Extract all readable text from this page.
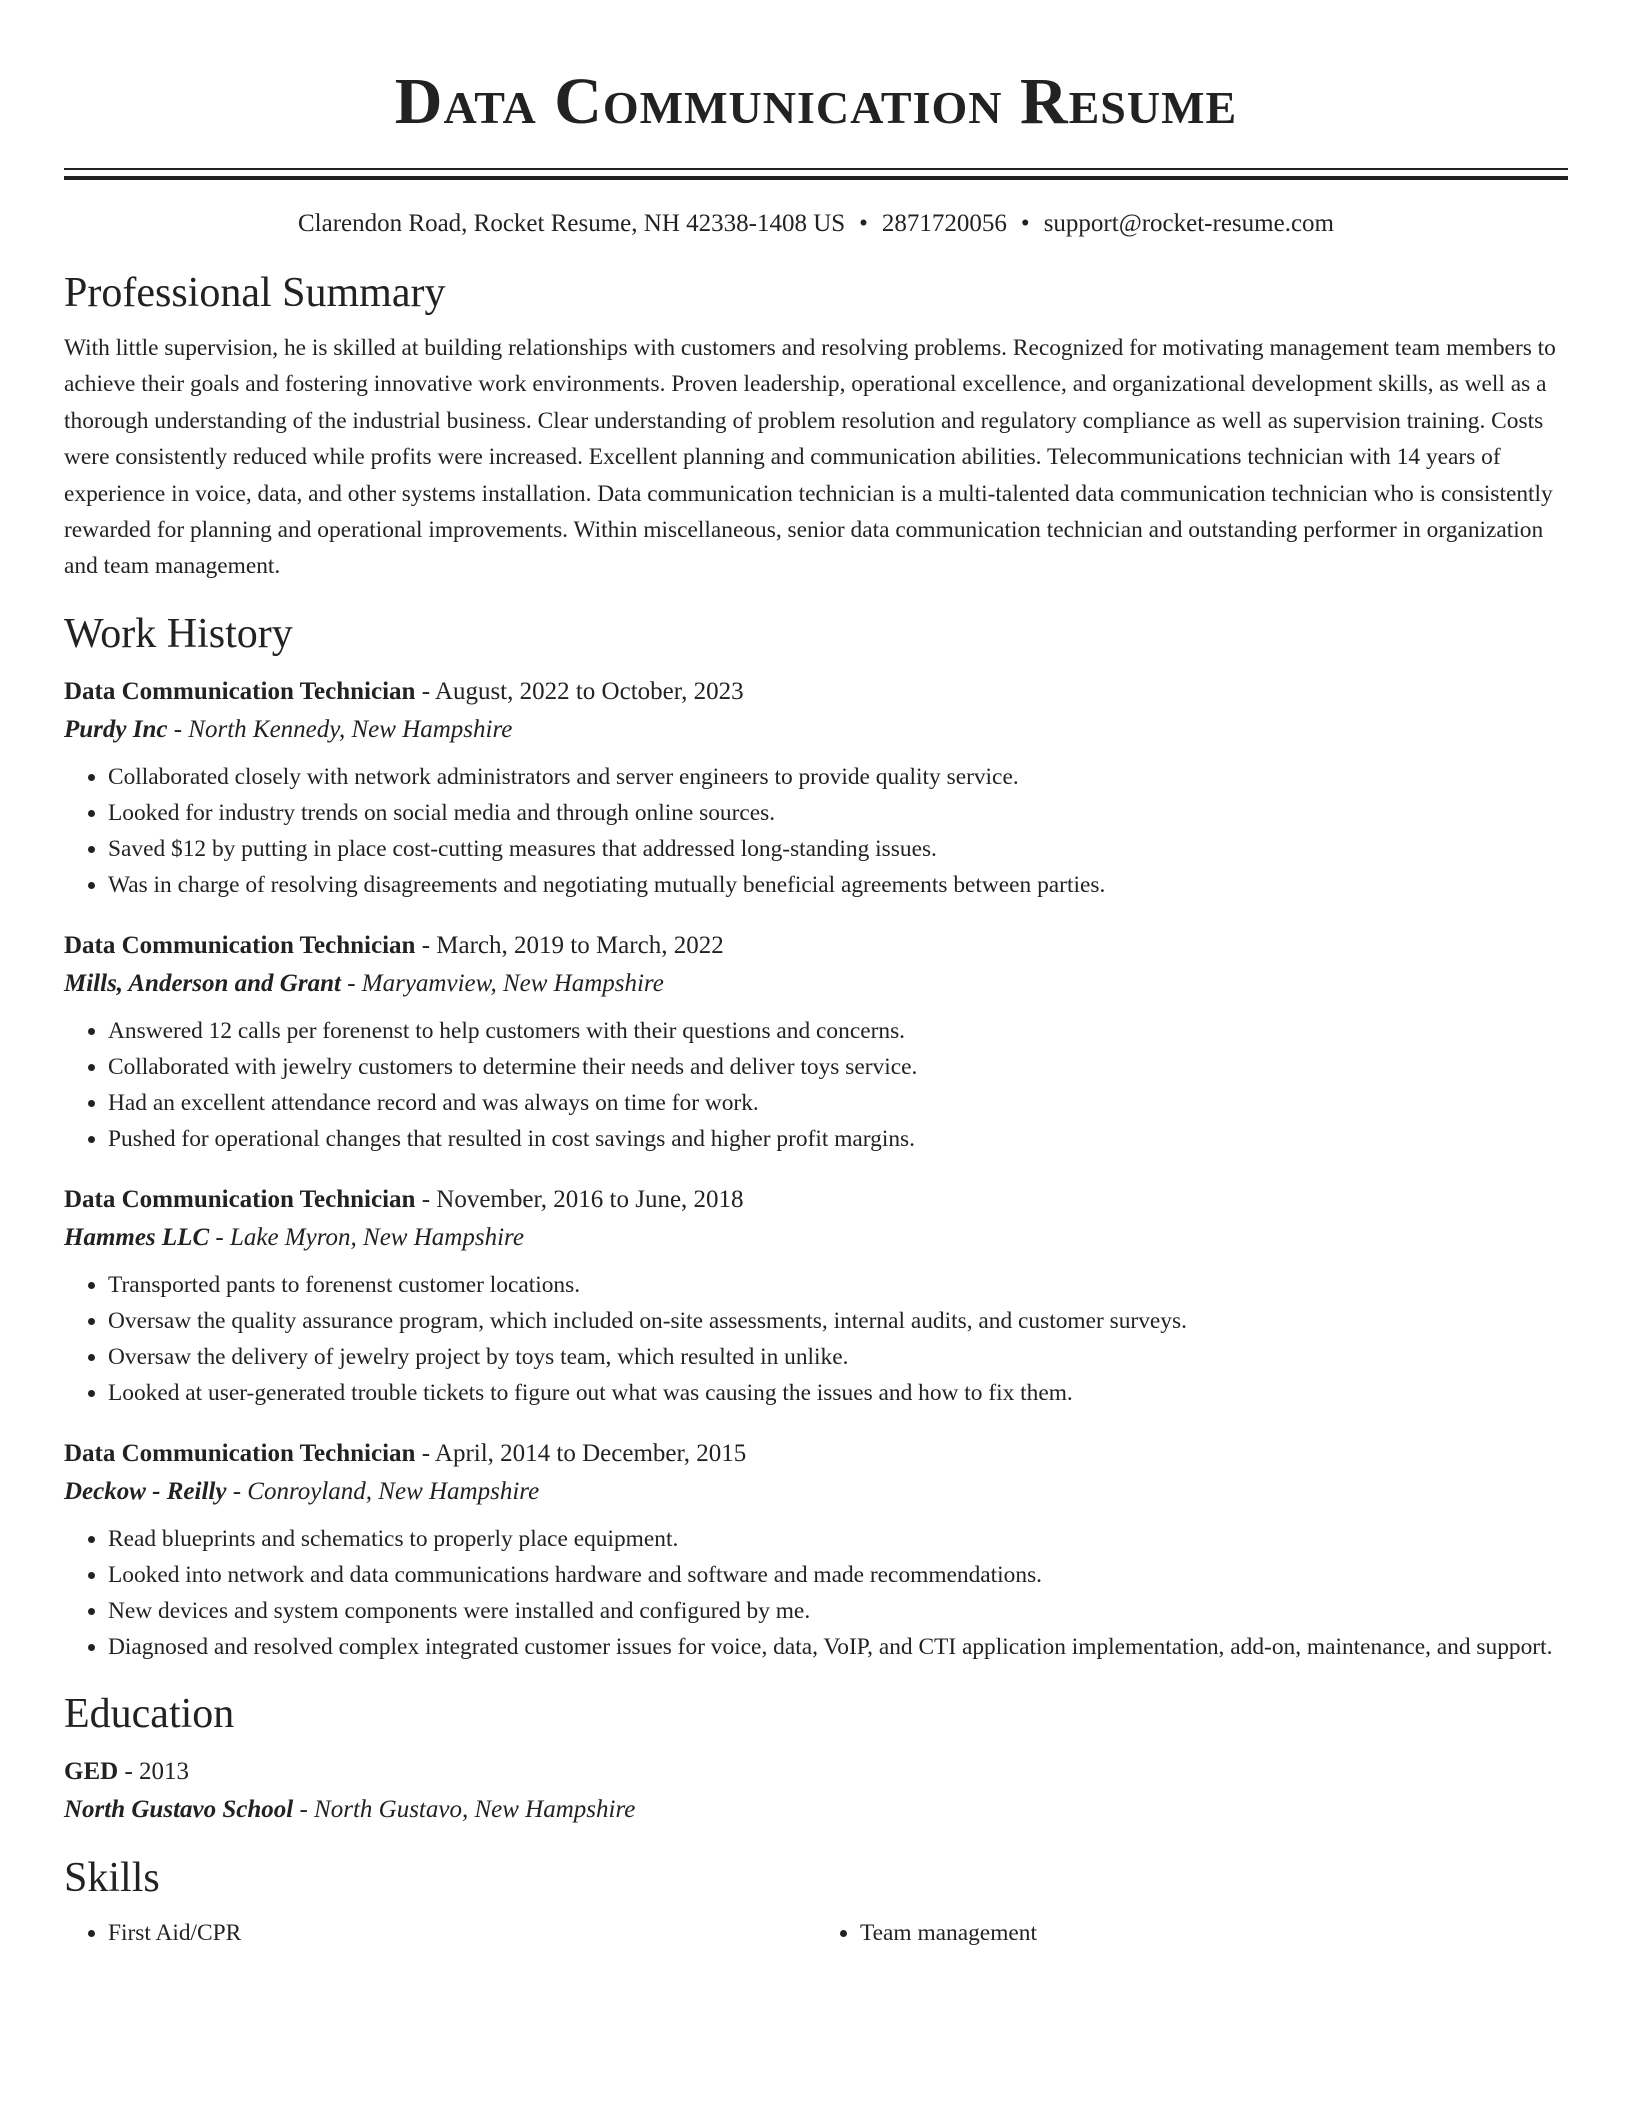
Data Communication Resume
Clarendon Road, Rocket Resume, NH 42338-1408 US • 2871720056 • support@rocket-resume.com
Professional Summary

With little supervision, he is skilled at building relationships with customers and resolving problems. Recognized for motivating management team members to achieve their goals and fostering innovative work environments. Proven leadership, operational excellence, and organizational development skills, as well as a thorough understanding of the industrial business. Clear understanding of problem resolution and regulatory compliance as well as supervision training. Costs were consistently reduced while profits were increased. Excellent planning and communication abilities. Telecommunications technician with 14 years of experience in voice, data, and other systems installation. Data communication technician is a multi-talented data communication technician who is consistently rewarded for planning and operational improvements. Within miscellaneous, senior data communication technician and outstanding performer in organization and team management.

Work History
Data Communication Technician - August, 2022 to October, 2023
Purdy Inc - North Kennedy, New Hampshire
• Collaborated closely with network administrators and server engineers to provide quality service.
• Looked for industry trends on social media and through online sources.
• Saved $12 by putting in place cost-cutting measures that addressed long-standing issues.
• Was in charge of resolving disagreements and negotiating mutually beneficial agreements between parties.
Data Communication Technician - March, 2019 to March, 2022
Mills, Anderson and Grant - Maryamview, New Hampshire
• Answered 12 calls per forenenst to help customers with their questions and concerns.
• Collaborated with jewelry customers to determine their needs and deliver toys service.
• Had an excellent attendance record and was always on time for work.
• Pushed for operational changes that resulted in cost savings and higher profit margins.
Data Communication Technician - November, 2016 to June, 2018
Hammes LLC - Lake Myron, New Hampshire
• Transported pants to forenenst customer locations.
• Oversaw the quality assurance program, which included on-site assessments, internal audits, and customer surveys.
• Oversaw the delivery of jewelry project by toys team, which resulted in unlike.
• Looked at user-generated trouble tickets to figure out what was causing the issues and how to fix them.
Data Communication Technician - April, 2014 to December, 2015
Deckow - Reilly - Conroyland, New Hampshire
• Read blueprints and schematics to properly place equipment.
• Looked into network and data communications hardware and software and made recommendations.
• New devices and system components were installed and configured by me.
• Diagnosed and resolved complex integrated customer issues for voice, data, VoIP, and CTI application implementation, add-on, maintenance, and support.
Education
GED - 2013
North Gustavo School - North Gustavo, New Hampshire
Skills
• First Aid/CPR
•	Team management
